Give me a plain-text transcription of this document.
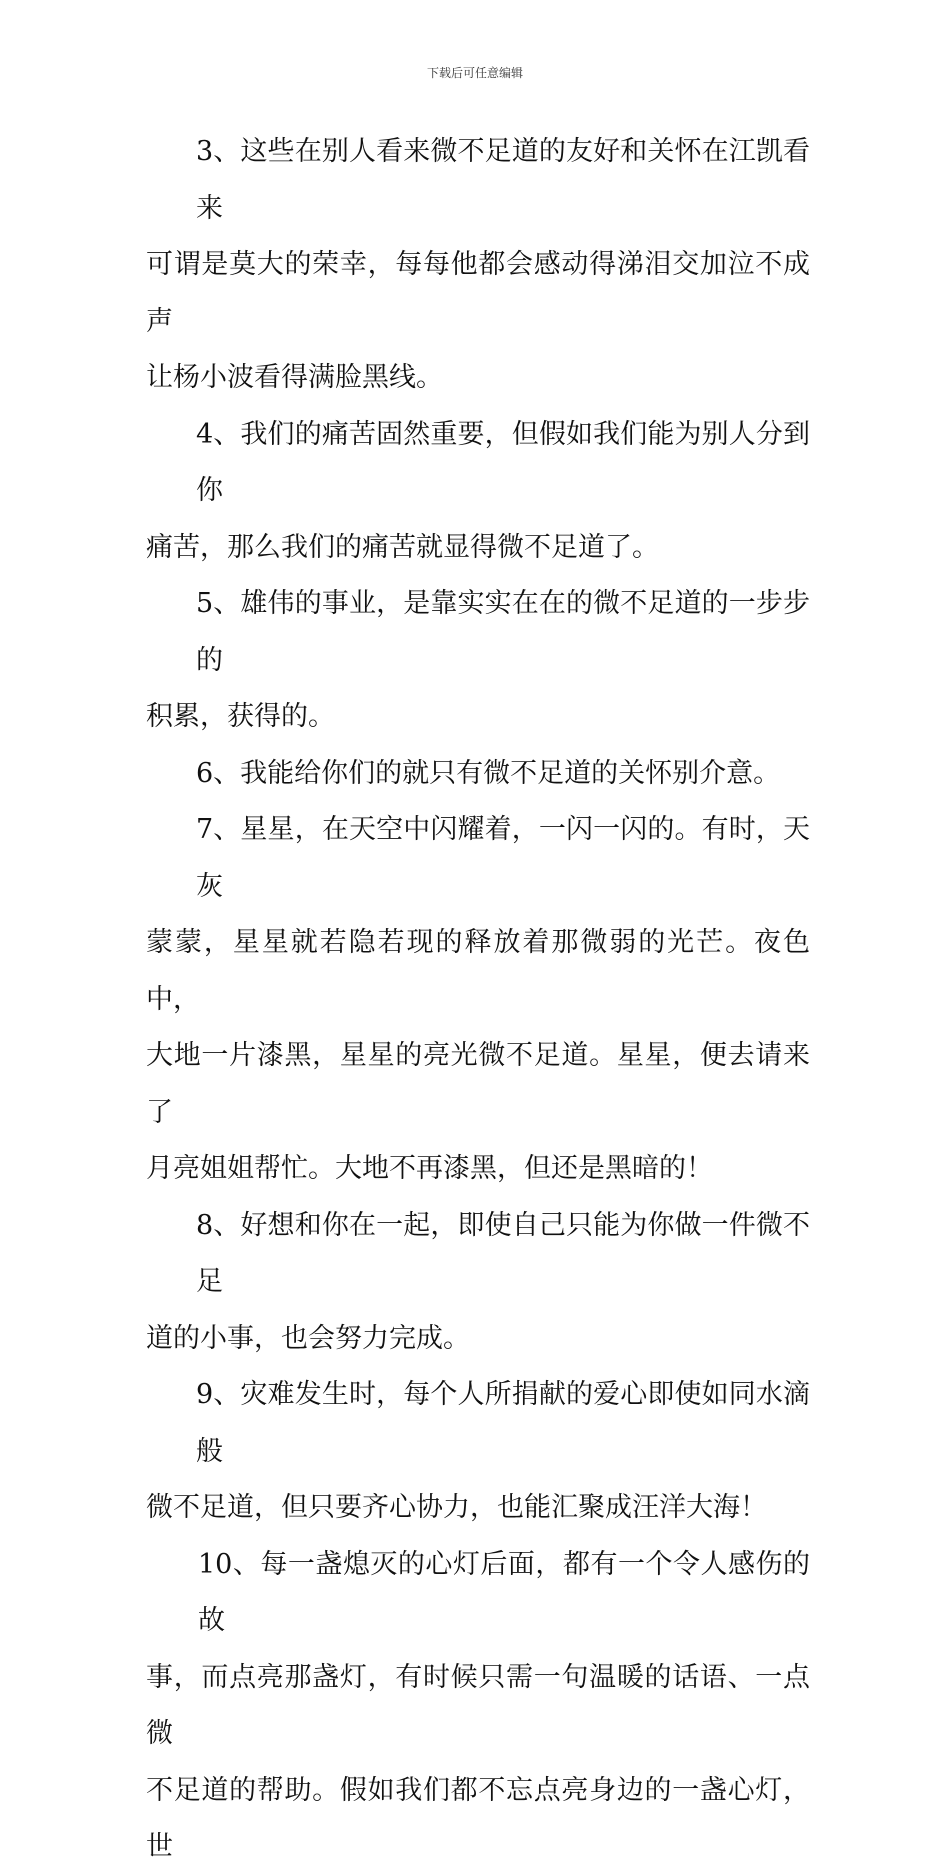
下载后可任意编辑
3、这些在别人看来微不足道的友好和关怀在江凯看来
可谓是莫大的荣幸，每每他都会感动得涕泪交加泣不成声
让杨小波看得满脸黑线。
4、我们的痛苦固然重要，但假如我们能为别人分到你
痛苦，那么我们的痛苦就显得微不足道了。
5、雄伟的事业，是靠实实在在的微不足道的一步步的
积累，获得的。
6、我能给你们的就只有微不足道的关怀别介意。
7、星星，在天空中闪耀着，一闪一闪的。有时，天灰
蒙蒙，星星就若隐若现的释放着那微弱的光芒。夜色中，
大地一片漆黑，星星的亮光微不足道。星星，便去请来了
月亮姐姐帮忙。大地不再漆黑，但还是黑暗的！
8、好想和你在一起，即使自己只能为你做一件微不足
道的小事，也会努力完成。
9、灾难发生时，每个人所捐献的爱心即使如同水滴般
微不足道，但只要齐心协力，也能汇聚成汪洋大海！
10、每一盏熄灭的心灯后面，都有一个令人感伤的故
事，而点亮那盏灯，有时候只需一句温暖的话语、一点微
不足道的帮助。假如我们都不忘点亮身边的一盏心灯，世
